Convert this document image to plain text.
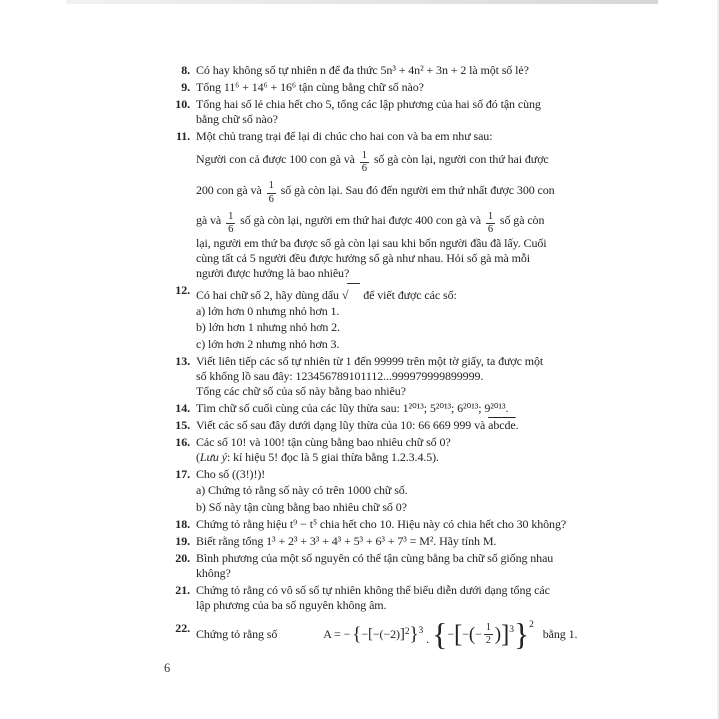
8. Có hay không số tự nhiên n để đa thức 5n³ + 4n² + 3n + 2 là một số lẻ?
9. Tổng 11⁶ + 14⁶ + 16⁶ tận cùng bằng chữ số nào?
10. Tổng hai số lẻ chia hết cho 5, tổng các lập phương của hai số đó tận cùng
bằng chữ số nào?
11. Một chủ trang trại để lại di chúc cho hai con và ba em như sau:
Người con cả được 100 con gà và $\frac{1}{6}$ số gà còn lại, người con thứ hai được
200 con gà và $\frac{1}{6}$ số gà còn lại. Sau đó đến người em thứ nhất được 300 con
gà và $\frac{1}{6}$ số gà còn lại, người em thứ hai được 400 con gà và $\frac{1}{6}$ số gà còn
lại, người em thứ ba được số gà còn lại sau khi bốn người đầu đã lấy. Cuối
cùng tất cả 5 người đều được hưởng số gà như nhau. Hỏi số gà mà mỗi
người được hưởng là bao nhiêu?
12. Có hai chữ số 2, hãy dùng dấu √ để viết được các số:
a) lớn hơn 0 nhưng nhỏ hơn 1.
b) lớn hơn 1 nhưng nhỏ hơn 2.
c) lớn hơn 2 nhưng nhỏ hơn 3.
13. Viết liên tiếp các số tự nhiên từ 1 đến 99999 trên một tờ giấy, ta được một
số khổng lồ sau đây: 123456789101112...999979999899999.
Tổng các chữ số của số này bằng bao nhiêu?
14. Tìm chữ số cuối cùng của các lũy thừa sau: 1²⁰¹³; 5²⁰¹³; 6²⁰¹³; 9²⁰¹³.
15. Viết các số sau đây dưới dạng lũy thừa của 10: 66 669 999 và abcde.
16. Các số 10! và 100! tận cùng bằng bao nhiêu chữ số 0?
(Lưu ý: kí hiệu 5! đọc là 5 giai thừa bằng 1.2.3.4.5).
17. Cho số ((3!)!)!
a) Chứng tỏ rằng số này có trên 1000 chữ số.
b) Số này tận cùng bằng bao nhiêu chữ số 0?
18. Chứng tỏ rằng hiệu t⁹ − t⁵ chia hết cho 10. Hiệu này có chia hết cho 30 không?
19. Biết rằng tổng 1³ + 2³ + 3³ + 4³ + 5³ + 6³ + 7³ = M². Hãy tính M.
20. Bình phương của một số nguyên có thể tận cùng bằng ba chữ số giống nhau
không?
21. Chứng tỏ rằng có vô số số tự nhiên không thể biểu diễn dưới dạng tổng các
lập phương của ba số nguyên không âm.
22. Chứng tỏ rằng số	A = − { − [ −(−2) ] 2 } 3
. { − [ − ( − $\frac{1}{2}$ ) ] 3 } 2
bằng 1.
6
